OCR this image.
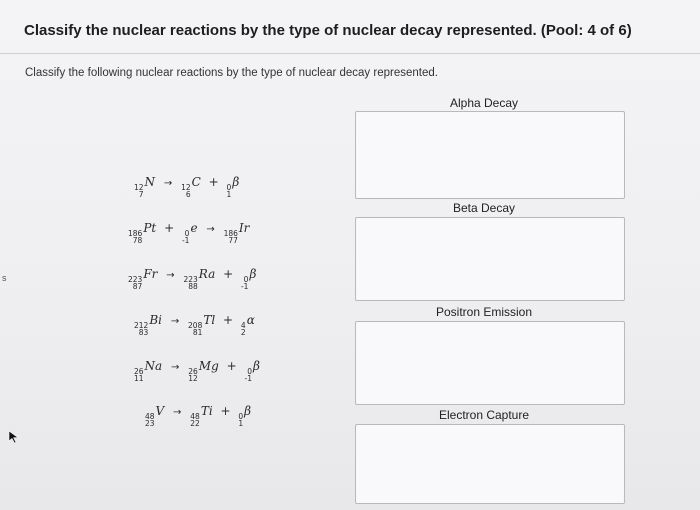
Classify the nuclear reactions by the type of nuclear decay represented. (Pool: 4 of 6)
Classify the following nuclear reactions by the type of nuclear decay represented.
s
12
7
N → 12
6
C + 0
1
β
186
78
Pt + 0
-1
e → 186
77
Ir
223
87
Fr → 223
88
Ra + 0
-1
β
212
83
Bi → 208
81
Tl + 4
2
α
26
11
Na → 26
12
Mg + 0
-1
β
48
23
V → 48
22
Ti + 0
1
β
Alpha Decay
Beta Decay
Positron Emission
Electron Capture
